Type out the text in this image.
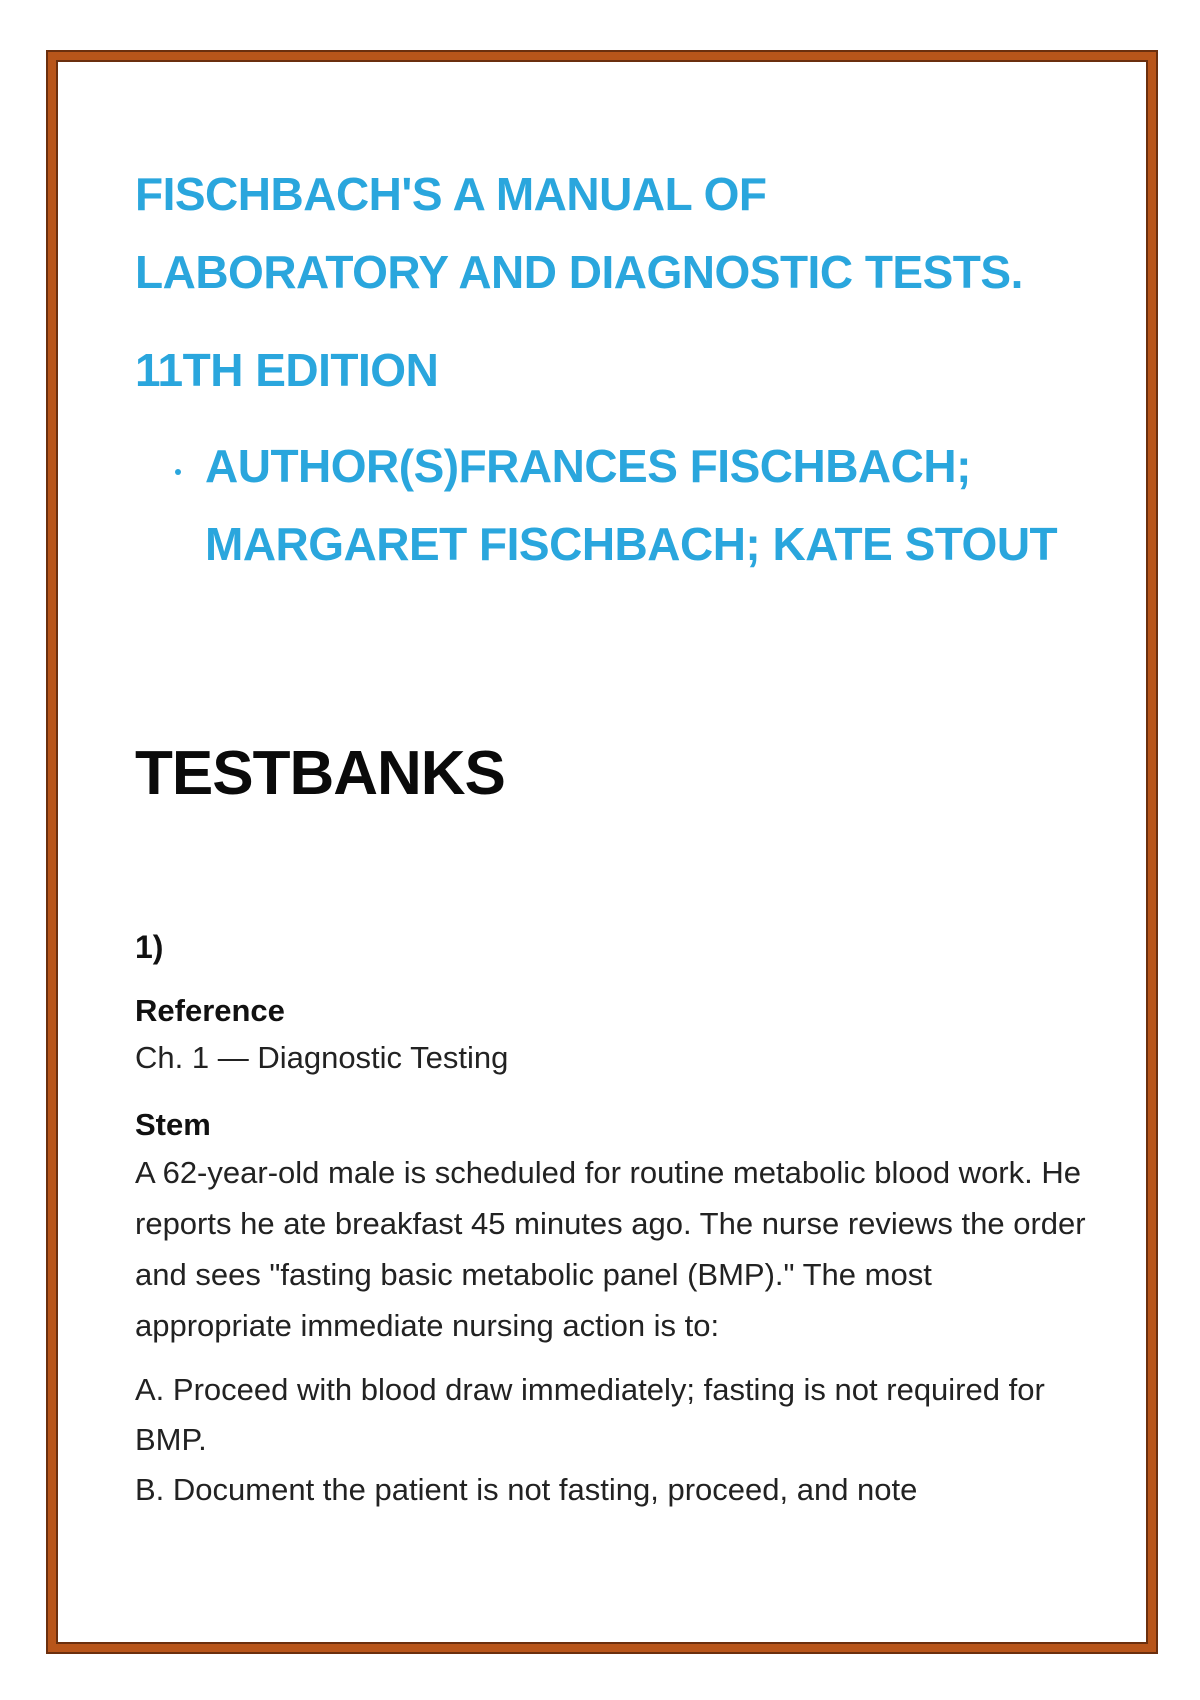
FISCHBACH'S A MANUAL OF

LABORATORY AND DIAGNOSTIC TESTS.

11TH EDITION
AUTHOR(S)FRANCES FISCHBACH;
MARGARET FISCHBACH; KATE STOUT
TESTBANKS
1)
Reference
Ch. 1 — Diagnostic Testing
Stem
A 62-year-old male is scheduled for routine metabolic blood work. He reports he ate breakfast 45 minutes ago. The nurse reviews the order and sees "fasting basic metabolic panel (BMP)." The most appropriate immediate nursing action is to:
A. Proceed with blood draw immediately; fasting is not required for BMP.
B. Document the patient is not fasting, proceed, and note
